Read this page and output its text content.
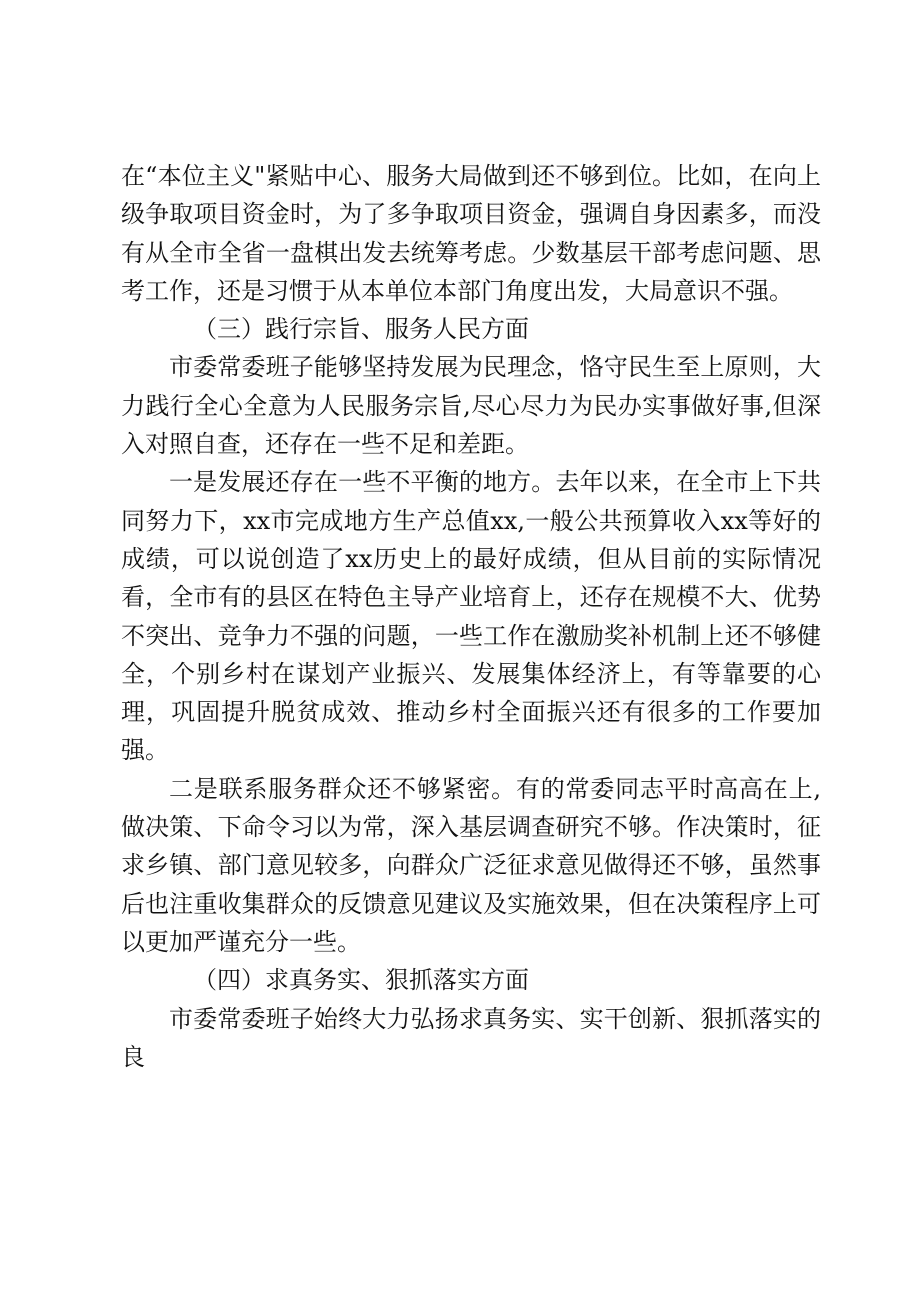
在“本位主义"紧贴中心、服务大局做到还不够到位。比如，在向上级争取项目资金时，为了多争取项目资金，强调自身因素多，而没有从全市全省一盘棋出发去统筹考虑。少数基层干部考虑问题、思考工作，还是习惯于从本单位本部门角度出发，大局意识不强。

（三）践行宗旨、服务人民方面

市委常委班子能够坚持发展为民理念，恪守民生至上原则，大力践行全心全意为人民服务宗旨,尽心尽力为民办实事做好事,但深入对照自查，还存在一些不足和差距。

一是发展还存在一些不平衡的地方。去年以来，在全市上下共同努力下，xx市完成地方生产总值xx,一般公共预算收入xx等好的成绩，可以说创造了xx历史上的最好成绩，但从目前的实际情况看，全市有的县区在特色主导产业培育上，还存在规模不大、优势不突出、竞争力不强的问题，一些工作在激励奖补机制上还不够健全，个别乡村在谋划产业振兴、发展集体经济上，有等靠要的心理，巩固提升脱贫成效、推动乡村全面振兴还有很多的工作要加强。

二是联系服务群众还不够紧密。有的常委同志平时高高在上,做决策、下命令习以为常，深入基层调查研究不够。作决策时，征求乡镇、部门意见较多，向群众广泛征求意见做得还不够，虽然事后也注重收集群众的反馈意见建议及实施效果，但在决策程序上可以更加严谨充分一些。

（四）求真务实、狠抓落实方面

市委常委班子始终大力弘扬求真务实、实干创新、狠抓落实的良
